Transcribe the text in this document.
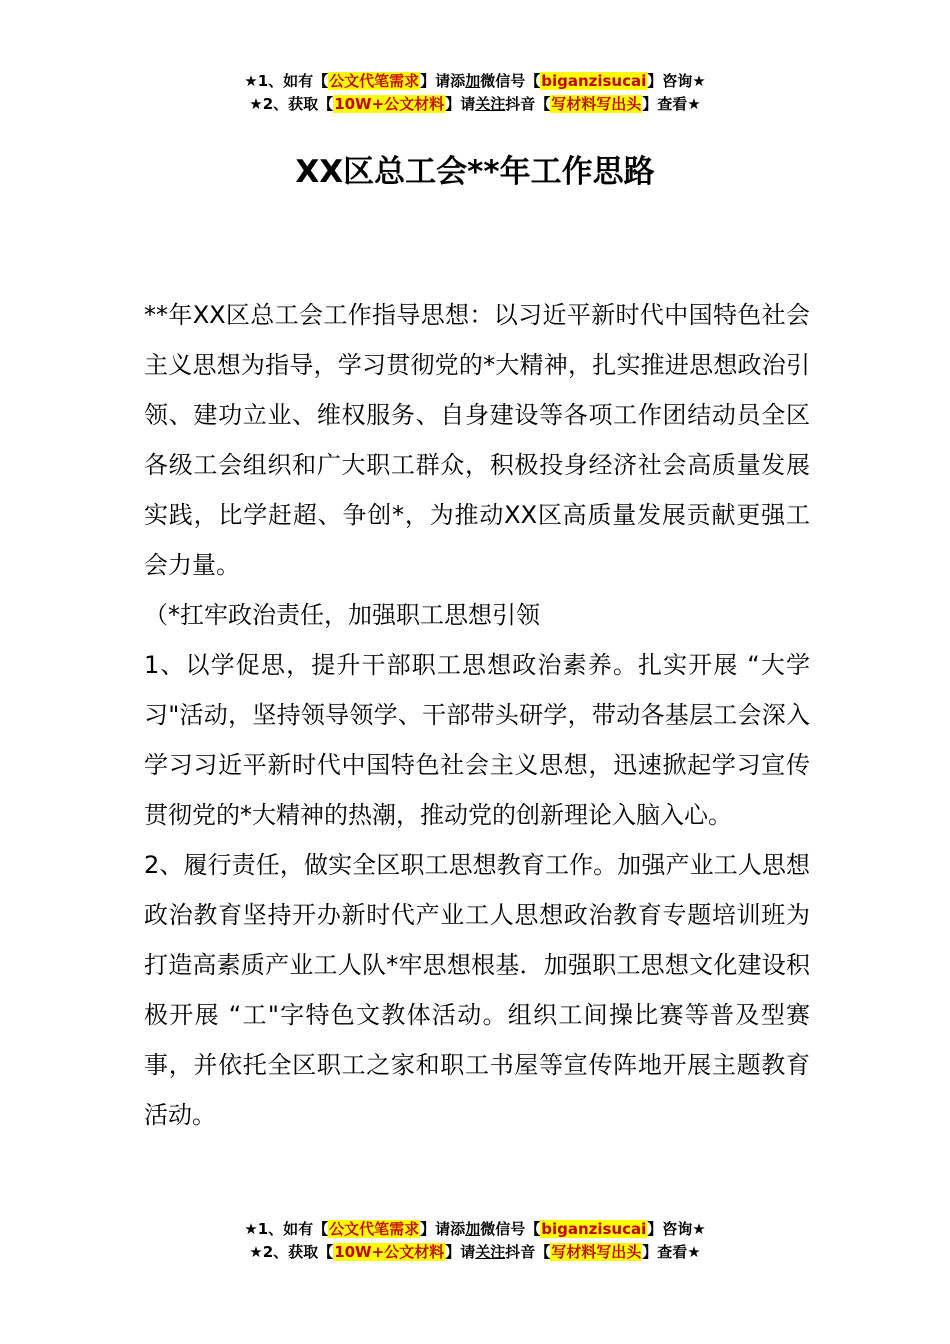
★1、如有【公文代笔需求】请添加微信号【biganzisucai】咨询★
★2、获取【10W+公文材料】请关注抖音【写材料写出头】查看★
XX区总工会**年工作思路

**年XX区总工会工作指导思想：以习近平新时代中国特色社会主义思想为指导，学习贯彻党的*大精神，扎实推进思想政治引领、建功立业、维权服务、自身建设等各项工作团结动员全区各级工会组织和广大职工群众，积极投身经济社会高质量发展实践，比学赶超、争创*，为推动XX区高质量发展贡献更强工会力量。

（*扛牢政治责任，加强职工思想引领

1、以学促思，提升干部职工思想政治素养。扎实开展 “大学习"活动，坚持领导领学、干部带头研学，带动各基层工会深入学习习近平新时代中国特色社会主义思想，迅速掀起学习宣传贯彻党的*大精神的热潮，推动党的创新理论入脑入心。

2、履行责任，做实全区职工思想教育工作。加强产业工人思想政治教育坚持开办新时代产业工人思想政治教育专题培训班为打造高素质产业工人队*牢思想根基．加强职工思想文化建设积极开展 “工"字特色文教体活动。组织工间操比赛等普及型赛事，并依托全区职工之家和职工书屋等宣传阵地开展主题教育活动。

★1、如有【公文代笔需求】请添加微信号【biganzisucai】咨询★
★2、获取【10W+公文材料】请关注抖音【写材料写出头】查看★
